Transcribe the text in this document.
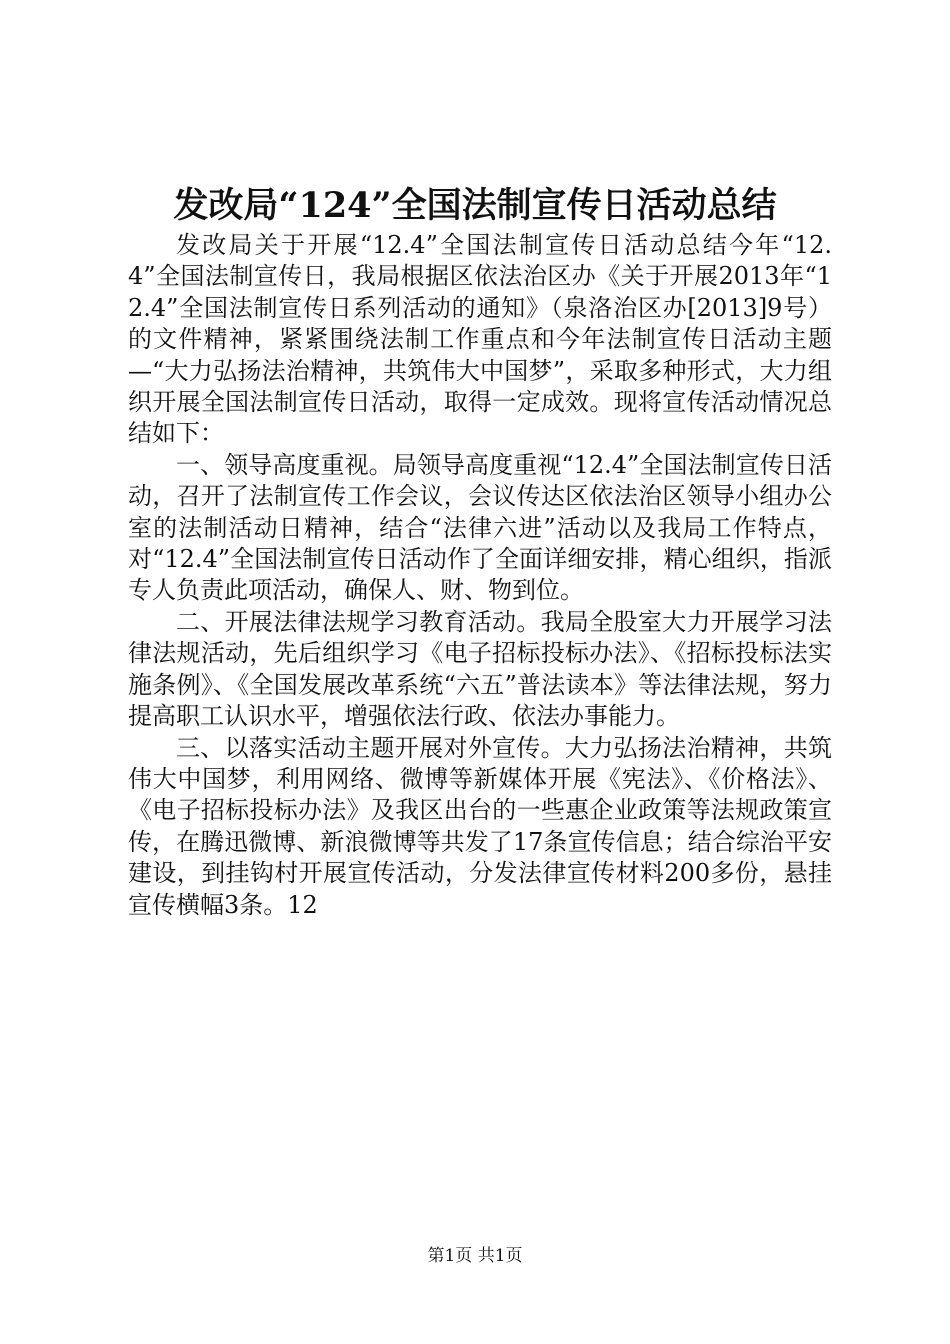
发改局“124”全国法制宣传日活动总结

发改局关于开展“12.4”全国法制宣传日活动总结今年“12.4”全国法制宣传日，我局根据区依法治区办《关于开展2013年“12.4”全国法制宣传日系列活动的通知》（泉洛治区办[2013]9号）的文件精神，紧紧围绕法制工作重点和今年法制宣传日活动主题—“大力弘扬法治精神，共筑伟大中国梦”，采取多种形式，大力组织开展全国法制宣传日活动，取得一定成效。现将宣传活动情况总结如下：

一、领导高度重视。局领导高度重视“12.4”全国法制宣传日活动，召开了法制宣传工作会议，会议传达区依法治区领导小组办公室的法制活动日精神，结合“法律六进”活动以及我局工作特点，对“12.4”全国法制宣传日活动作了全面详细安排，精心组织，指派专人负责此项活动，确保人、财、物到位。

二、开展法律法规学习教育活动。我局全股室大力开展学习法律法规活动，先后组织学习《电子招标投标办法》、《招标投标法实施条例》、《全国发展改革系统“六五”普法读本》等法律法规，努力提高职工认识水平，增强依法行政、依法办事能力。

三、以落实活动主题开展对外宣传。大力弘扬法治精神，共筑伟大中国梦，利用网络、微博等新媒体开展《宪法》、《价格法》、《电子招标投标办法》及我区出台的一些惠企业政策等法规政策宣传，在腾迅微博、新浪微博等共发了17条宣传信息；结合综治平安建设，到挂钩村开展宣传活动，分发法律宣传材料200多份，悬挂宣传横幅3条。12

第1页 共1页
